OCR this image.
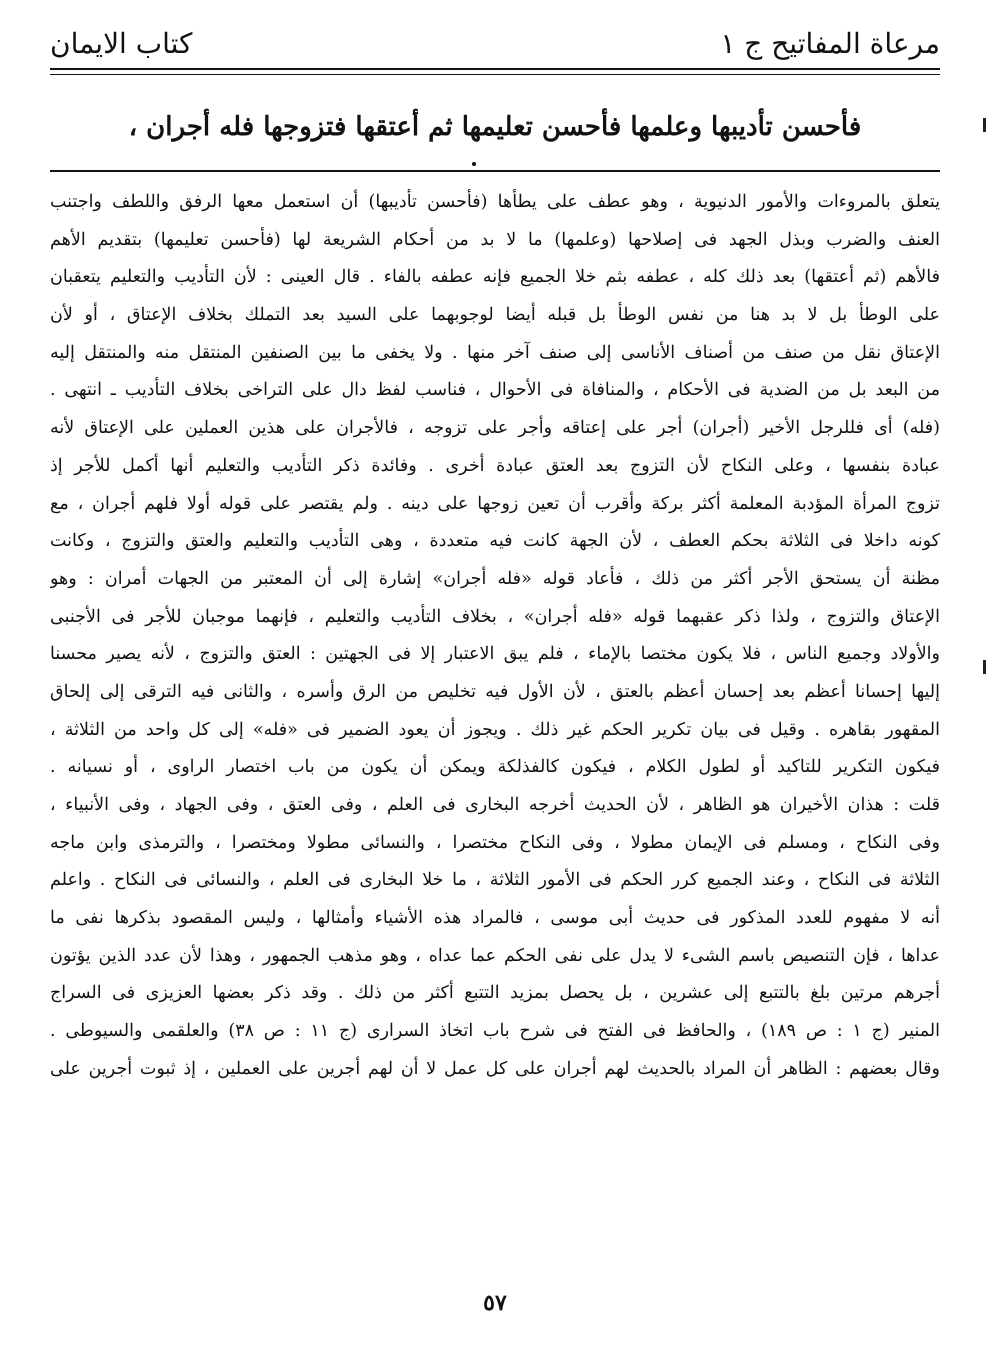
مرعاة المفاتيح ج ١
كتاب الايمان
فأحسن تأديبها وعلمها فأحسن تعليمها ثم أعتقها فتزوجها فله أجران ،
يتعلق بالمروءات والأمور الدنيوية ، وهو عطف على يطأها (فأحسن تأديبها) أن استعمل معها الرفق واللطف واجتنب
العنف والضرب وبذل الجهد فى إصلاحها (وعلمها) ما لا بد من أحكام الشريعة لها (فأحسن تعليمها) بتقديم الأهم
فالأهم (ثم أعتقها) بعد ذلك كله ، عطفه بثم خلا الجميع فإنه عطفه بالفاء . قال العينى : لأن التأديب والتعليم يتعقبان
على الوطأ بل لا بد هنا من نفس الوطأ بل قبله أيضا لوجوبهما على السيد بعد التملك بخلاف الإعتاق ، أو لأن
الإعتاق نقل من صنف من أصناف الأناسى إلى صنف آخر منها . ولا يخفى ما بين الصنفين المنتقل منه والمنتقل إليه
من البعد بل من الضدية فى الأحكام ، والمنافاة فى الأحوال ، فناسب لفظ دال على التراخى بخلاف التأديب ـ انتهى .
(فله) أى فللرجل الأخير (أجران) أجر على إعتاقه وأجر على تزوجه ، فالأجران على هذين العملين على الإعتاق لأنه
عبادة بنفسها ، وعلى النكاح لأن التزوج بعد العتق عبادة أخرى . وفائدة ذكر التأديب والتعليم أنها أكمل للأجر إذ
تزوج المرأة المؤدبة المعلمة أكثر بركة وأقرب أن تعين زوجها على دينه . ولم يقتصر على قوله أولا فلهم أجران ، مع
كونه داخلا فى الثلاثة بحكم العطف ، لأن الجهة كانت فيه متعددة ، وهى التأديب والتعليم والعتق والتزوج ، وكانت
مظنة أن يستحق الأجر أكثر من ذلك ، فأعاد قوله «فله أجران» إشارة إلى أن المعتبر من الجهات أمران : وهو
الإعتاق والتزوج ، ولذا ذكر عقبهما قوله «فله أجران» ، بخلاف التأديب والتعليم ، فإنهما موجبان للأجر فى الأجنبى
والأولاد وجميع الناس ، فلا يكون مختصا بالإماء ، فلم يبق الاعتبار إلا فى الجهتين : العتق والتزوج ، لأنه يصير محسنا
إليها إحسانا أعظم بعد إحسان أعظم بالعتق ، لأن الأول فيه تخليص من الرق وأسره ، والثانى فيه الترقى إلى إلحاق
المقهور بقاهره . وقيل فى بيان تكرير الحكم غير ذلك . ويجوز أن يعود الضمير فى «فله» إلى كل واحد من الثلاثة ،
فيكون التكرير للتاكيد أو لطول الكلام ، فيكون كالفذلكة ويمكن أن يكون من باب اختصار الراوى ، أو نسيانه .
قلت : هذان الأخيران هو الظاهر ، لأن الحديث أخرجه البخارى فى العلم ، وفى العتق ، وفى الجهاد ، وفى الأنبياء ،
وفى النكاح ، ومسلم فى الإيمان مطولا ، وفى النكاح مختصرا ، والنسائى مطولا ومختصرا ، والترمذى وابن ماجه
الثلاثة فى النكاح ، وعند الجميع كرر الحكم فى الأمور الثلاثة ، ما خلا البخارى فى العلم ، والنسائى فى النكاح . واعلم
أنه لا مفهوم للعدد المذكور فى حديث أبى موسى ، فالمراد هذه الأشياء وأمثالها ، وليس المقصود بذكرها نفى ما
عداها ، فإن التنصيص باسم الشىء لا يدل على نفى الحكم عما عداه ، وهو مذهب الجمهور ، وهذا لأن عدد الذين يؤتون
أجرهم مرتين بلغ بالتتبع إلى عشرين ، بل يحصل بمزيد التتبع أكثر من ذلك . وقد ذكر بعضها العزيزى فى السراج
المنير (ج ١ : ص ١٨٩) ، والحافظ فى الفتح فى شرح باب اتخاذ السرارى (ج ١١ : ص ٣٨) والعلقمى والسيوطى .
وقال بعضهم : الظاهر أن المراد بالحديث لهم أجران على كل عمل لا أن لهم أجرين على العملين ، إذ ثبوت أجرين على
٥٧
